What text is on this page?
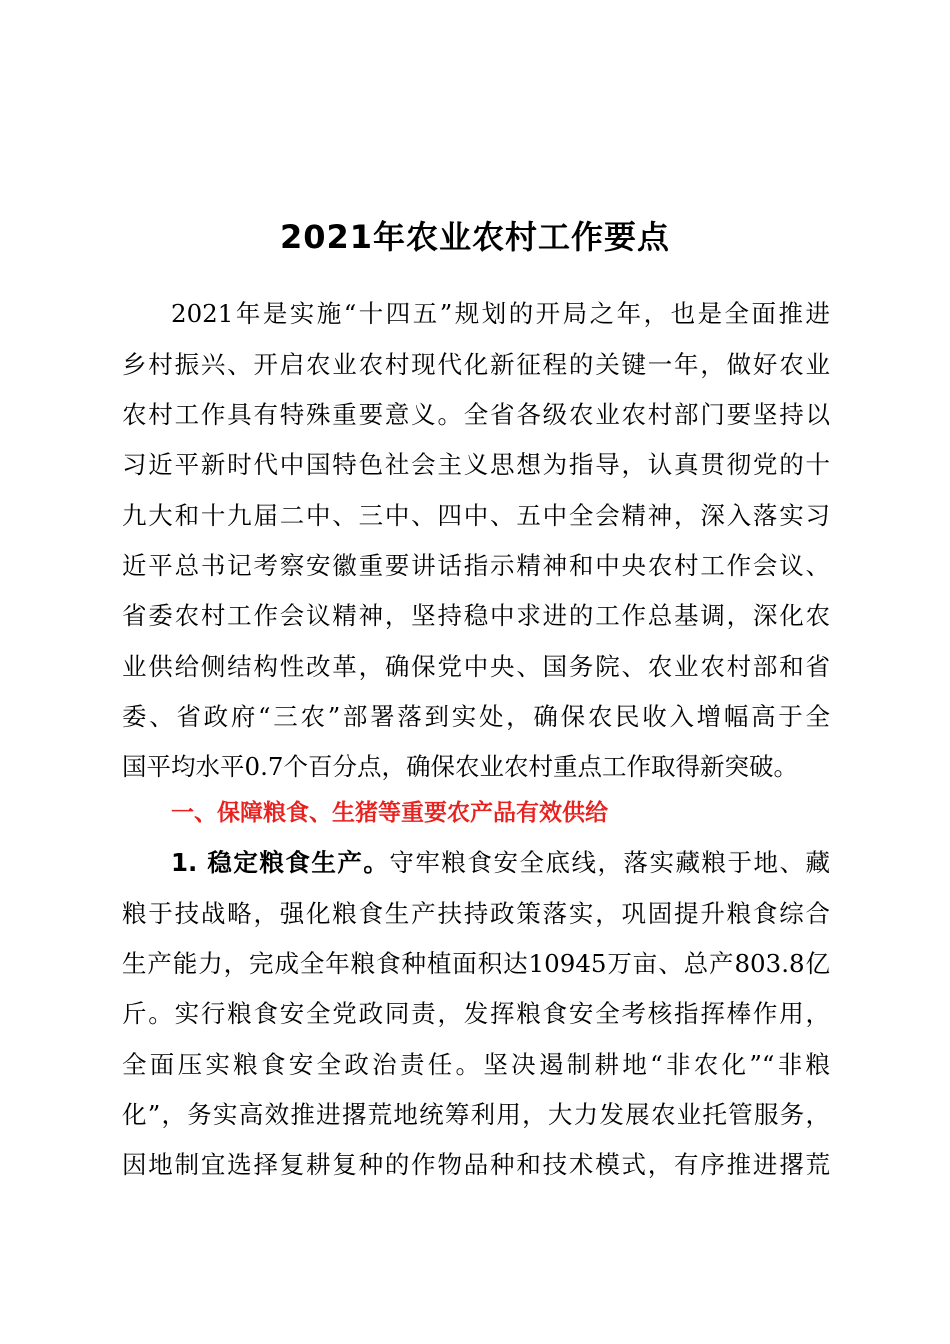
2021年农业农村工作要点
2021年是实施“十四五”规划的开局之年，也是全面推进
乡村振兴、开启农业农村现代化新征程的关键一年，做好农业
农村工作具有特殊重要意义。全省各级农业农村部门要坚持以
习近平新时代中国特色社会主义思想为指导，认真贯彻党的十
九大和十九届二中、三中、四中、五中全会精神，深入落实习
近平总书记考察安徽重要讲话指示精神和中央农村工作会议、
省委农村工作会议精神，坚持稳中求进的工作总基调，深化农
业供给侧结构性改革，确保党中央、国务院、农业农村部和省
委、省政府“三农”部署落到实处，确保农民收入增幅高于全
国平均水平0.7个百分点，确保农业农村重点工作取得新突破。
一、保障粮食、生猪等重要农产品有效供给
1. 稳定粮食生产。守牢粮食安全底线，落实藏粮于地、藏
粮于技战略，强化粮食生产扶持政策落实，巩固提升粮食综合
生产能力，完成全年粮食种植面积达10945万亩、总产803.8亿
斤。实行粮食安全党政同责，发挥粮食安全考核指挥棒作用，
全面压实粮食安全政治责任。坚决遏制耕地“非农化”“非粮
化”，务实高效推进撂荒地统筹利用，大力发展农业托管服务，
因地制宜选择复耕复种的作物品种和技术模式，有序推进撂荒
